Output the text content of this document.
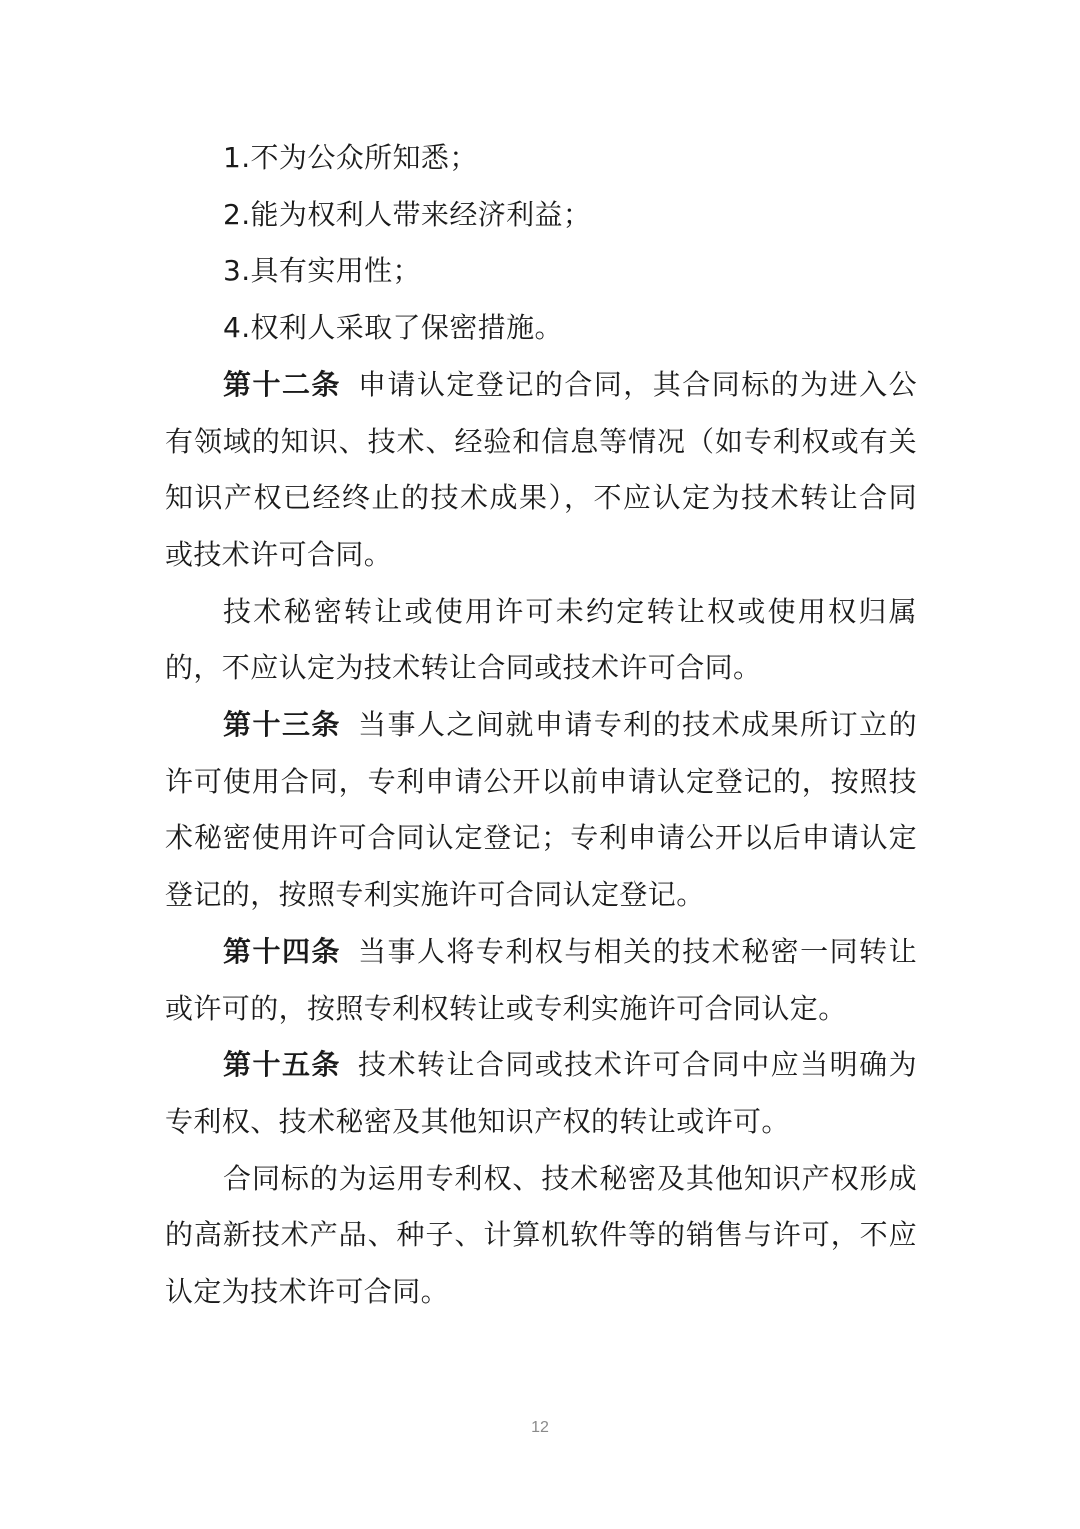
1.不为公众所知悉；

2.能为权利人带来经济利益；

3.具有实用性；

4.权利人采取了保密措施。

第十二条 申请认定登记的合同，其合同标的为进入公有领域的知识、技术、经验和信息等情况（如专利权或有关知识产权已经终止的技术成果），不应认定为技术转让合同或技术许可合同。

技术秘密转让或使用许可未约定转让权或使用权归属的，不应认定为技术转让合同或技术许可合同。

第十三条 当事人之间就申请专利的技术成果所订立的许可使用合同，专利申请公开以前申请认定登记的，按照技术秘密使用许可合同认定登记；专利申请公开以后申请认定登记的，按照专利实施许可合同认定登记。

第十四条 当事人将专利权与相关的技术秘密一同转让或许可的，按照专利权转让或专利实施许可合同认定。

第十五条 技术转让合同或技术许可合同中应当明确为专利权、技术秘密及其他知识产权的转让或许可。

合同标的为运用专利权、技术秘密及其他知识产权形成的高新技术产品、种子、计算机软件等的销售与许可，不应认定为技术许可合同。

12
